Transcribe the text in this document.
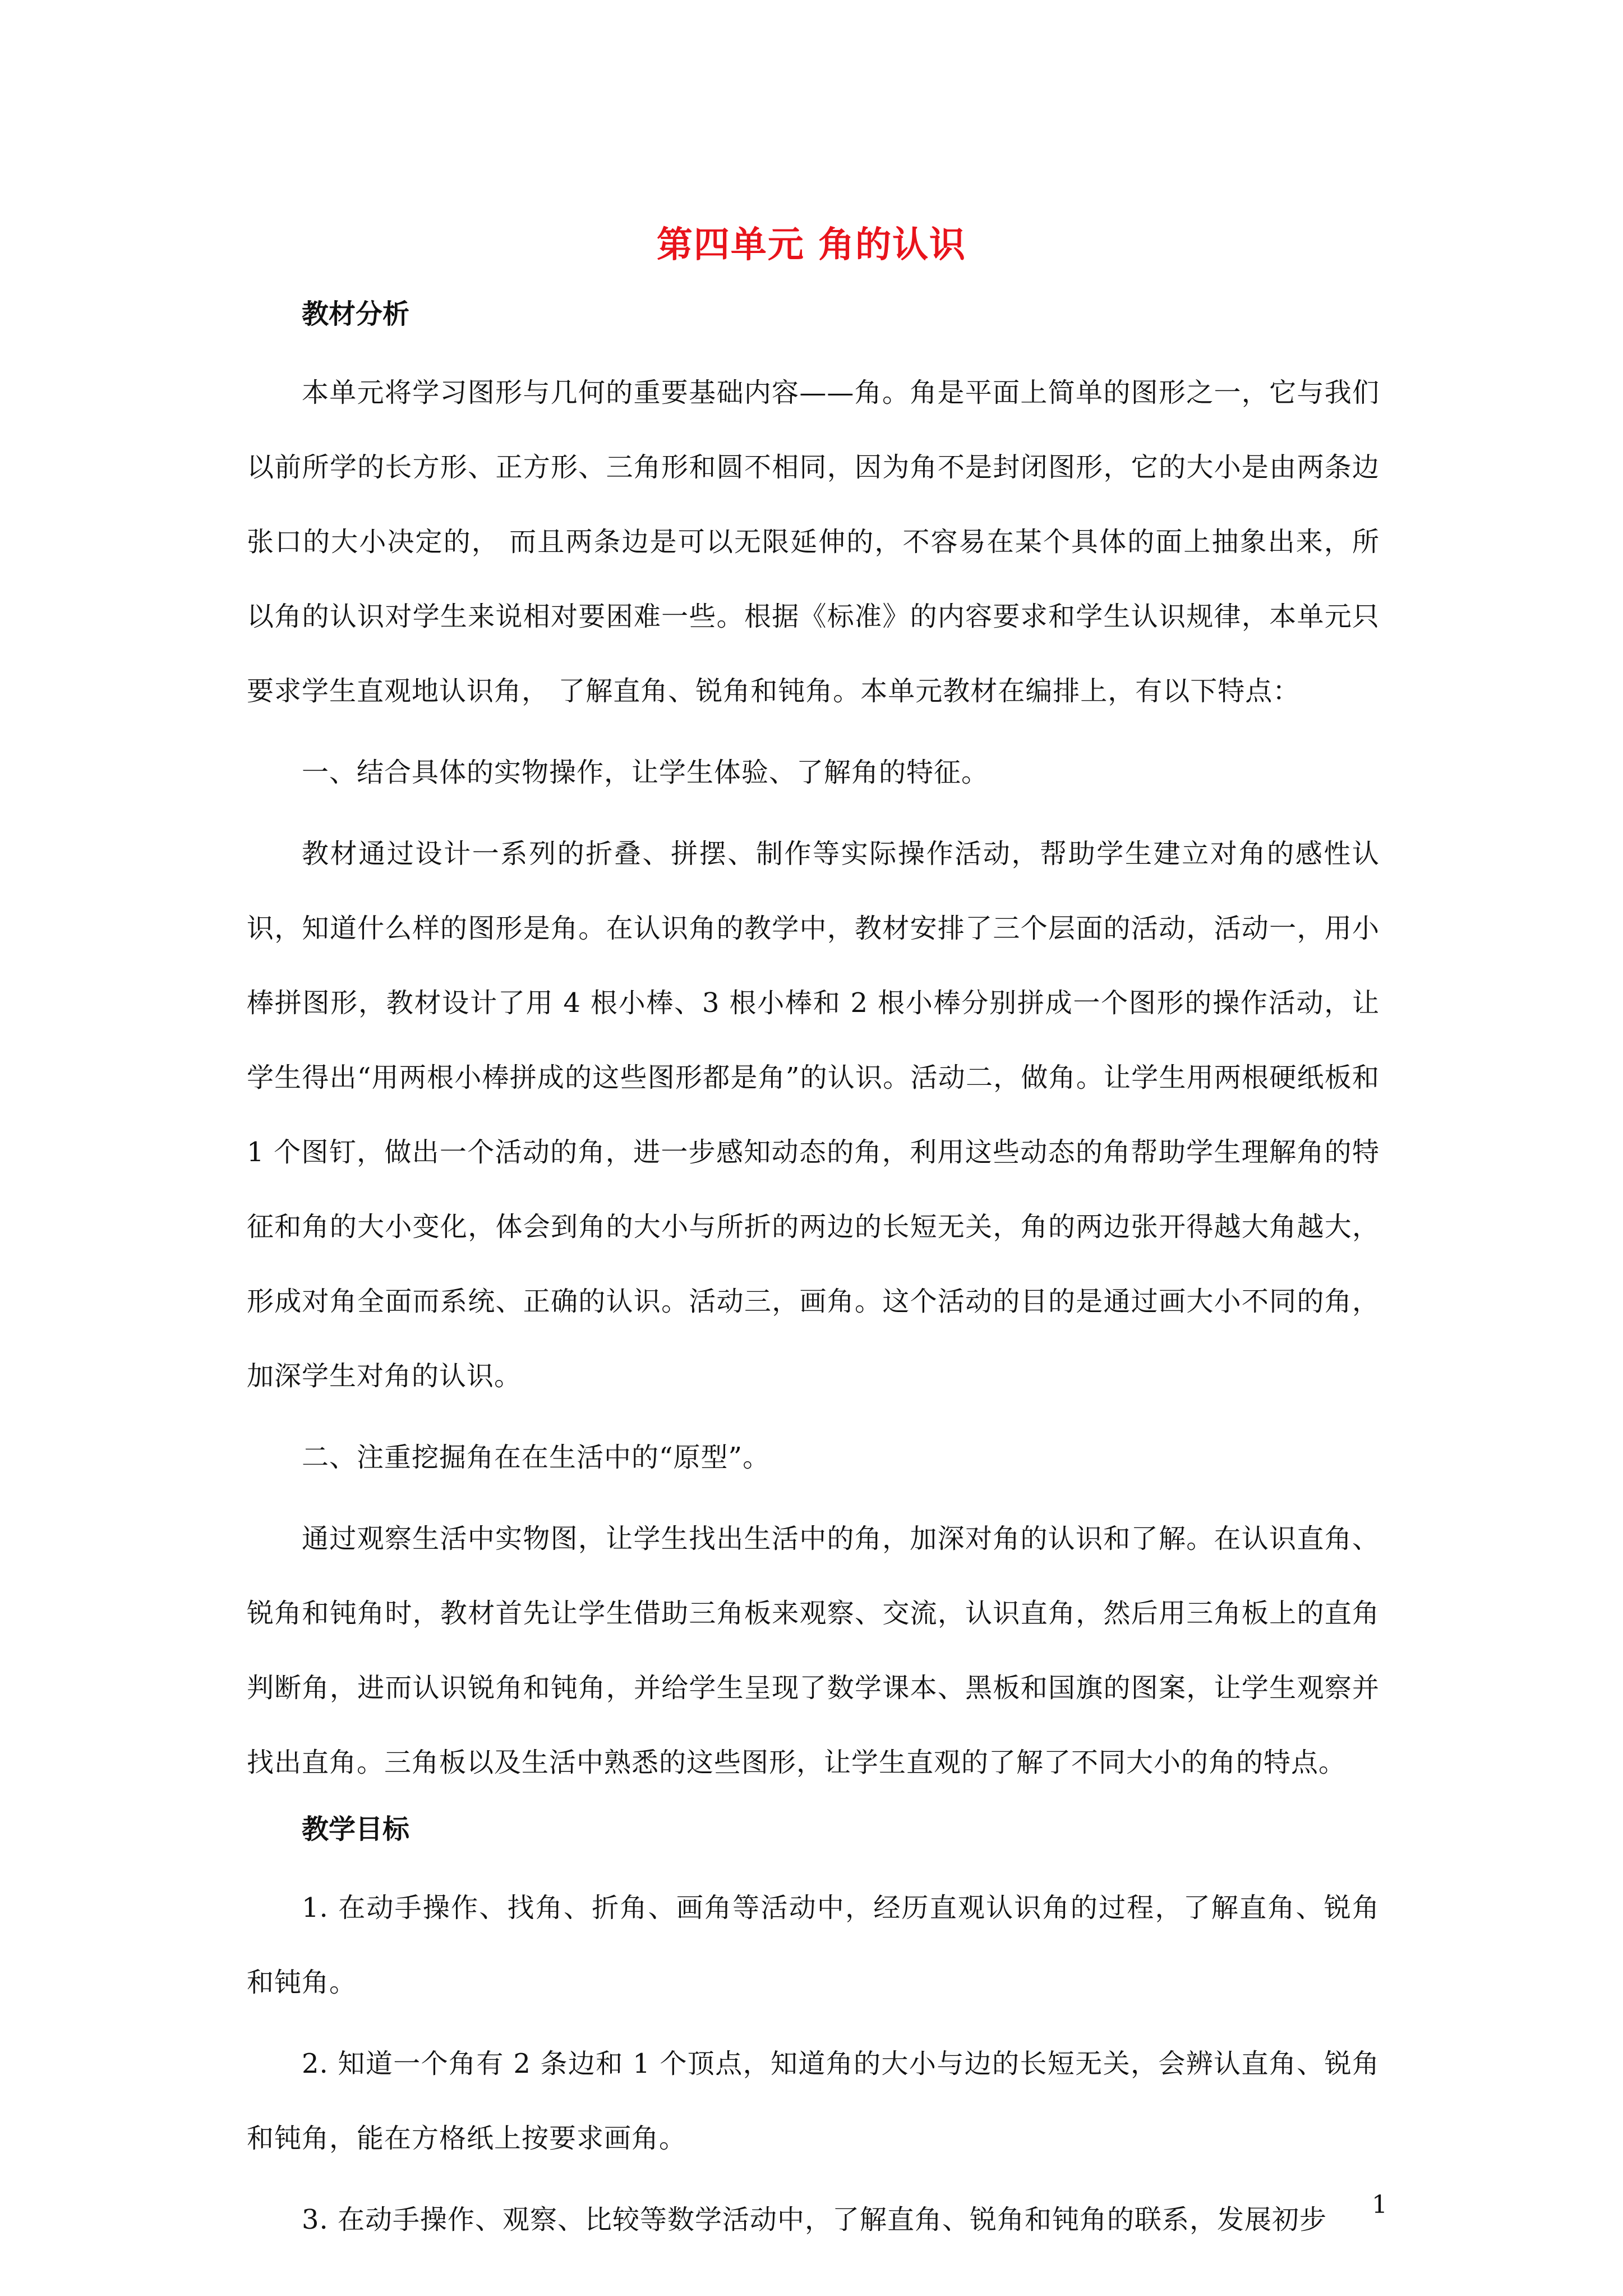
第四单元 角的认识
教材分析

本单元将学习图形与几何的重要基础内容——角。角是平面上简单的图形之一，它与我们以前所学的长方形、正方形、三角形和圆不相同，因为角不是封闭图形，它的大小是由两条边张口的大小决定的， 而且两条边是可以无限延伸的，不容易在某个具体的面上抽象出来，所以角的认识对学生来说相对要困难一些。根据《标准》的内容要求和学生认识规律，本单元只要求学生直观地认识角， 了解直角、锐角和钝角。本单元教材在编排上，有以下特点：

一、结合具体的实物操作，让学生体验、了解角的特征。

教材通过设计一系列的折叠、拼摆、制作等实际操作活动，帮助学生建立对角的感性认识，知道什么样的图形是角。在认识角的教学中，教材安排了三个层面的活动，活动一，用小棒拼图形，教材设计了用 4 根小棒、3 根小棒和 2 根小棒分别拼成一个图形的操作活动，让学生得出“用两根小棒拼成的这些图形都是角”的认识。活动二，做角。让学生用两根硬纸板和 1 个图钉，做出一个活动的角，进一步感知动态的角，利用这些动态的角帮助学生理解角的特征和角的大小变化，体会到角的大小与所折的两边的长短无关，角的两边张开得越大角越大，形成对角全面而系统、正确的认识。活动三，画角。这个活动的目的是通过画大小不同的角，加深学生对角的认识。

二、注重挖掘角在在生活中的“原型”。

通过观察生活中实物图，让学生找出生活中的角，加深对角的认识和了解。在认识直角、锐角和钝角时，教材首先让学生借助三角板来观察、交流，认识直角，然后用三角板上的直角判断角，进而认识锐角和钝角，并给学生呈现了数学课本、黑板和国旗的图案，让学生观察并找出直角。三角板以及生活中熟悉的这些图形，让学生直观的了解了不同大小的角的特点。

教学目标

1. 在动手操作、找角、折角、画角等活动中，经历直观认识角的过程，了解直角、锐角和钝角。

2. 知道一个角有 2 条边和 1 个顶点，知道角的大小与边的长短无关，会辨认直角、锐角和钝角，能在方格纸上按要求画角。

3. 在动手操作、观察、比较等数学活动中，了解直角、锐角和钝角的联系，发展初步	1
